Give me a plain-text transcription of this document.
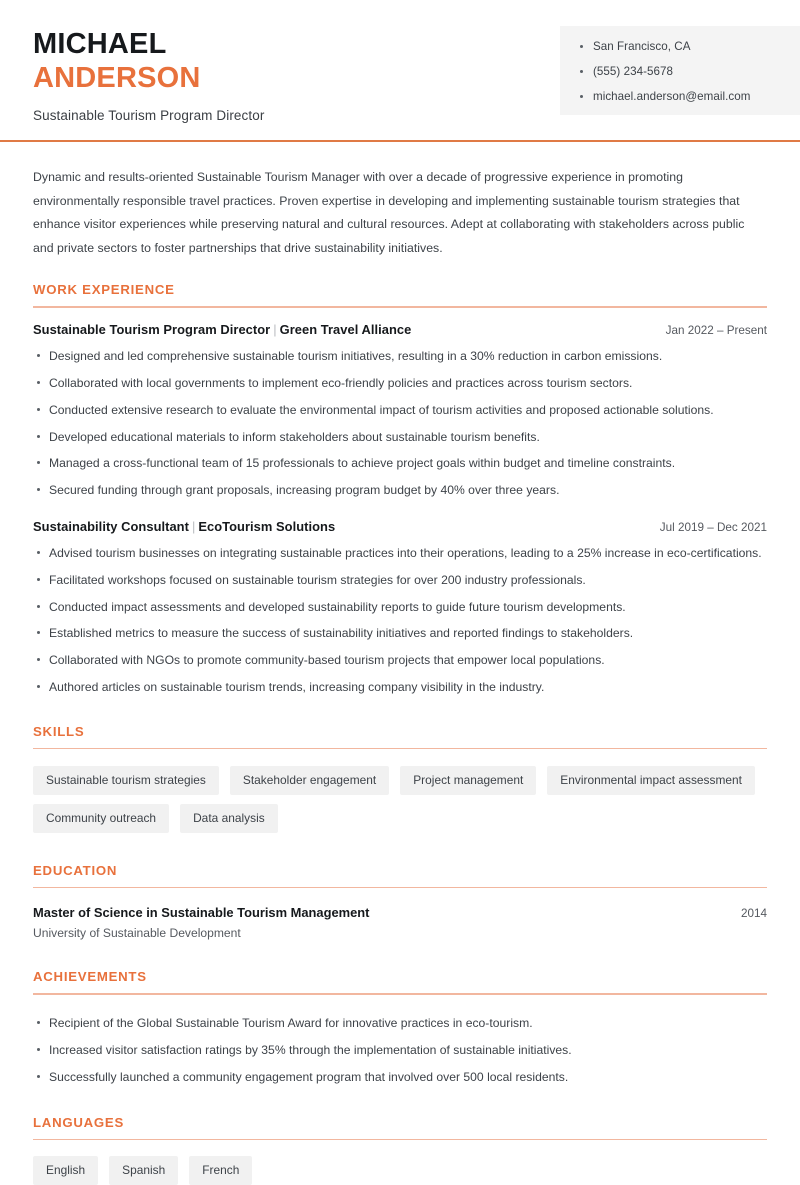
MICHAEL
ANDERSON
Sustainable Tourism Program Director
San Francisco, CA
(555) 234-5678
michael.anderson@email.com
Dynamic and results-oriented Sustainable Tourism Manager with over a decade of progressive experience in promoting environmentally responsible travel practices. Proven expertise in developing and implementing sustainable tourism strategies that enhance visitor experiences while preserving natural and cultural resources. Adept at collaborating with stakeholders across public and private sectors to foster partnerships that drive sustainability initiatives.
WORK EXPERIENCE
Sustainable Tourism Program Director | Green Travel Alliance	Jan 2022 – Present
Designed and led comprehensive sustainable tourism initiatives, resulting in a 30% reduction in carbon emissions.
Collaborated with local governments to implement eco-friendly policies and practices across tourism sectors.
Conducted extensive research to evaluate the environmental impact of tourism activities and proposed actionable solutions.
Developed educational materials to inform stakeholders about sustainable tourism benefits.
Managed a cross-functional team of 15 professionals to achieve project goals within budget and timeline constraints.
Secured funding through grant proposals, increasing program budget by 40% over three years.
Sustainability Consultant | EcoTourism Solutions	Jul 2019 – Dec 2021
Advised tourism businesses on integrating sustainable practices into their operations, leading to a 25% increase in eco-certifications.
Facilitated workshops focused on sustainable tourism strategies for over 200 industry professionals.
Conducted impact assessments and developed sustainability reports to guide future tourism developments.
Established metrics to measure the success of sustainability initiatives and reported findings to stakeholders.
Collaborated with NGOs to promote community-based tourism projects that empower local populations.
Authored articles on sustainable tourism trends, increasing company visibility in the industry.
SKILLS
Sustainable tourism strategies	Stakeholder engagement	Project management	Environmental impact assessment
Community outreach	Data analysis
EDUCATION
Master of Science in Sustainable Tourism Management	2014
University of Sustainable Development
ACHIEVEMENTS
Recipient of the Global Sustainable Tourism Award for innovative practices in eco-tourism.
Increased visitor satisfaction ratings by 35% through the implementation of sustainable initiatives.
Successfully launched a community engagement program that involved over 500 local residents.
LANGUAGES
English	Spanish	French
